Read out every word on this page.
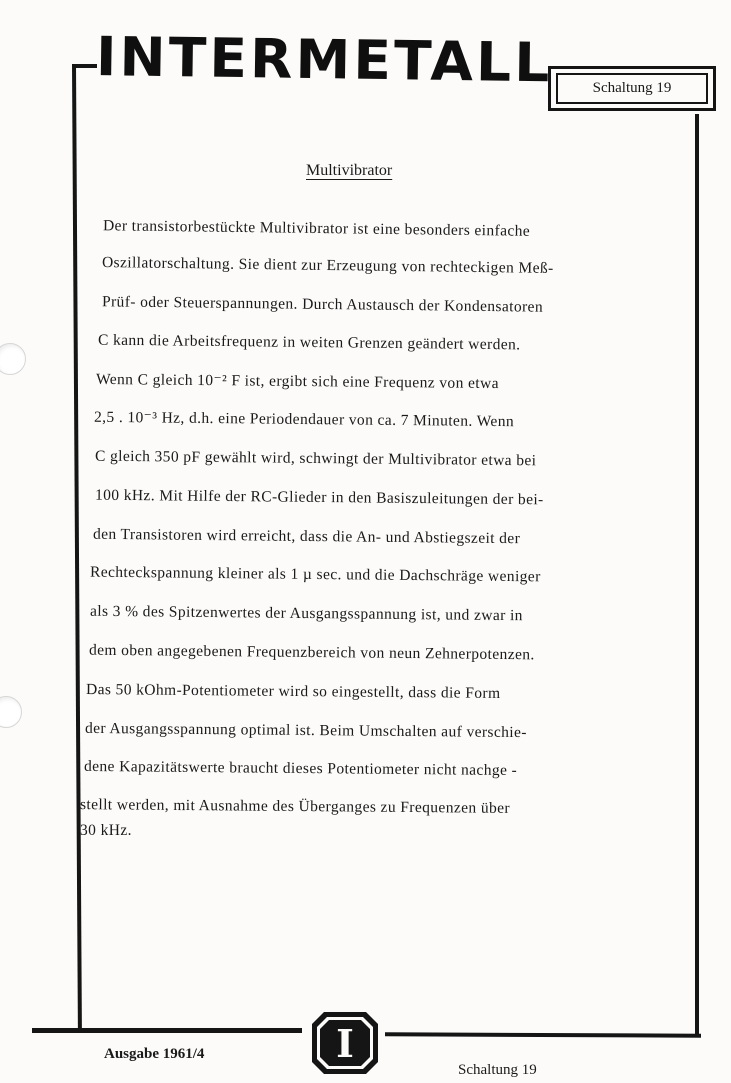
INTERMETALL	Schaltung 19
Multivibrator
Der transistorbestückte Multivibrator ist eine besonders einfache
Oszillatorschaltung. Sie dient zur Erzeugung von rechteckigen Meß-
Prüf- oder Steuerspannungen. Durch Austausch der Kondensatoren
C kann die Arbeitsfrequenz in weiten Grenzen geändert werden.
Wenn C gleich 10⁻² F ist, ergibt sich eine Frequenz von etwa
2,5 . 10⁻³ Hz, d.h. eine Periodendauer von ca. 7 Minuten. Wenn
C gleich 350 pF gewählt wird, schwingt der Multivibrator etwa bei
100 kHz. Mit Hilfe der RC-Glieder in den Basiszuleitungen der bei-
den Transistoren wird erreicht, dass die An- und Abstiegszeit der
Rechteckspannung kleiner als 1 µ sec. und die Dachschräge weniger
als 3 % des Spitzenwertes der Ausgangsspannung ist, und zwar in
dem oben angegebenen Frequenzbereich von neun Zehnerpotenzen.
Das 50 kOhm-Potentiometer wird so eingestellt, dass die Form
der Ausgangsspannung optimal ist. Beim Umschalten auf verschie-
dene Kapazitätswerte braucht dieses Potentiometer nicht nachge -
stellt werden, mit Ausnahme des Überganges zu Frequenzen über
30 kHz.
I
Ausgabe 1961/4
Schaltung 19
